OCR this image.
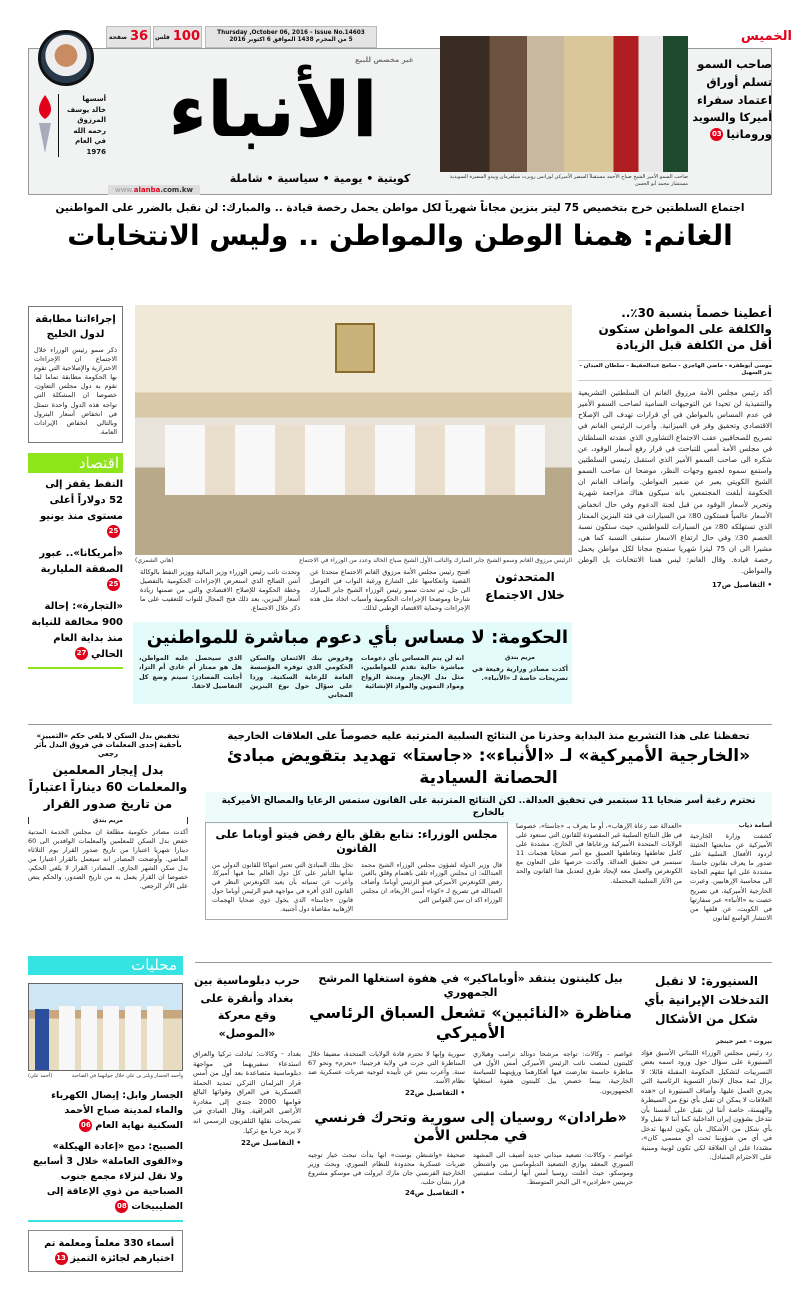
الخميس
Thursday ,October 06, 2016 - Issue No.14603
5 من المحرم 1438 الموافق 6 اكتوبر 2016
100
فلس
36
صفحة
أسسها
خالد يوسف
المرزوق
رحمه الله
في العام
1976
غير مخصص للبيع
الأنباء
كويتية • يومية • سياسية • شاملة
www.alanba.com.kw
صاحب السمو الأمير الشيخ صباح الأحمد مستقبلاً السفير الأميركي لورانس روبرت سيلفرمان وبيدو السفيرة السويدية مستشار محمد أبو الحسن
صاحب السمو
تسلم أوراق
اعتماد سفراء
أميركا والسويد
ورومانيا03
اجتماع السلطتين خرج بتخصيص 75 ليتر بنزين مجاناً شهرياً لكل مواطن يحمل رخصة قيادة .. والمبارك: لن نقبل بالضرر على المواطنين
الغانم: همنا الوطن والمواطن .. وليس الانتخابات
أعطينا خصماً بنسبة 30٪.. والكلفة على المواطن ستكون أقل من الكلفة قبل الزيادة
موسى أبوطفرة - ماضي الهاجري - سامح عبدالحفيظ - سلطان العبدان - بدر السهيل
أكد رئيس مجلس الأمة مرزوق الغانم ان السلطتين التشريعية والتنفيذية لن تحيدا عن التوجيهات السامية لصاحب السمو الأمير في عدم المساس بالمواطن في أي قرارات تهدف الى الإصلاح الاقتصادي وتحقيق وفر في الميزانية. وأعرب الرئيس الغانم في تصريح للصحافيين عقب الاجتماع التشاوري الذي عقدته السلطتان في مجلس الأمة أمس للتباحث في قرار رفع أسعار الوقود، عن شكره الى صاحب السمو الأمير الذي استقبل رئيسي السلطتين واستمع سموه لجميع وجهات النظر، موضحا ان صاحب السمو الشيخ الكويتي يعبر عن ضمير المواطن. وأضاف الغانم ان الحكومة أبلغت المجتمعين بانه سيكون هناك مراجعة شهرية وتحرير لأسعار الوقود من قبل لجنة الدعوم وفي حال انخفاض الأسعار عالمياً فستكون 80٪ من السيارات في فئة البنزين الممتاز الذي تستهلكه 80٪ من السيارات للمواطنين، حيث ستكون نسبة الخصم 30٪ وفي حال ارتفاع الاسعار ستبقى النسبة كما هي، مشيرا الى ان 75 ليترا شهريا ستمنح مجانا لكل مواطن يحمل رخصة قيادة. وقال الغانم: ليس همنا الانتخابات بل الوطن والمواطن.
• التفاصيل ص17
الرئيس مرزوق الغانم وسمو الشيخ جابر المبارك والنائب الأول الشيخ صباح الخالد وعدد من الوزراء في الاجتماع
(هاني الشمري)
وتحدث نائب رئيس الوزراء وزير المالية ووزير النفط بالوكالة أنس الصالح الذي استعرض الإجراءات الحكومية بالتفصيل وخطة الحكومة للإصلاح الاقتصادي والتي من ضمنها زيادة أسعار البنزين، بعد ذلك فتح المجال للنواب للتعقيب على ما ذكر خلال الاجتماع.
افتتح رئيس مجلس الأمة مرزوق الغانم الاجتماع متحدثا عن القضية وانعكاسها على الشارع ورغبة النواب في التوصل الى حل، ثم تحدث سمو رئيس الوزراء الشيخ جابر المبارك شارحا وموضحا الإجراءات الحكومية وأسباب اتخاذ مثل هذه الإجراءات وحماية الاقتصاد الوطني لذلك.
المتحدثون خلال الاجتماع
إجراءاتنا مطابقة لدول الخليج
ذكر سمو رئيس الوزراء خلال الاجتماع ان الإجراءات الاحترازية والإصلاحية التي تقوم بها الحكومة مطابقة تماما لما تقوم به دول مجلس التعاون، خصوصا ان المشكلة التي تواجه هذه الدول واحدة تتمثل في انخفاض أسعار البترول وبالتالي انخفاض الإيرادات العامة.
اقتصاد
النفط يقفز إلى 52 دولاراً أعلى مستوى منذ يونيو25
«أمريكانا».. عبور الصفقة المليارية25
«التجارة»: إحالة 900 مخالفة للنيابة منذ بداية العام الحالي27
الحكومة: لا مساس بأي دعوم مباشرة للمواطنين
مريم بندق
أكدت مصادر وزارية رفيعة في تصريحات خاصة لـ «الأنباء».
انه لن يتم المساس بأي دعومات مباشرة حالية تقدم للمواطنين، مثل بدل الإيجار ومنحة الزواج ومواد التموين والمواد الإنشائية
وقروض بنك الائتمان والسكن الحكومي الذي توفره المؤسسة العامة للرعاية السكنية. وردا على سؤال حول نوع البنزين المجاني
الذي سيحصل عليه المواطن، هل هو ممتاز أم عادي أم الترا، أجابت المصادر: سيتم وضع كل التفاصيل لاحقا.
تخفيض بدل السكن لا يلغي حكم «التمييز» بأحقية إحدى المعلمات في فروق البدل بأثر رجعي
بدل إيجار المعلمين والمعلمات 60 ديناراً اعتباراً من تاريخ صدور القرار
مريم بندق
أكدت مصادر حكومية مطلعة ان مجلس الخدمة المدنية خفض بدل السكن للمعلمين والمعلمات الوافدين الى 60 دينارا شهريا اعتبارا من تاريخ صدور القرار يوم الثلاثاء الماضي. وأوضحت المصادر انه سيعمل بالقرار اعتبارا من بدل سكن الشهر الجاري. المصادر: القرار لا يلغي الحكم، خصوصا ان القرار يعمل به من تاريخ الصدور، والحكم ينص على الأثر الرجعي.
تحفظنا على هذا التشريع منذ البداية وحذرنا من النتائج السلبية المترتبة عليه خصوصاً على العلاقات الخارجية
«الخارجية الأميركية» لـ «الأنباء»: «جاستا» تهديد بتقويض مبادئ الحصانة السيادية
نحترم رغبة أسر ضحايا 11 سبتمبر في تحقيق العدالة.. لكن النتائج المترتبة على القانون ستمس الرعايا والمصالح الأميركية بالخارج
أسامة دياب
كشفت وزارة الخارجية الأميركية عن متابعتها الحثيثة لردود الأفعال السلبية على صدور ما يعرف بقانون جاستا، مشددة على انها تتفهم الحاجة الى محاسبة الإرهابيين. وعبرت الخارجية الأميركية، في تصريح خصت به «الأنباء» عبر سفارتها في الكويت، عن قلقها من الانتشار الواسع لقانون
«العدالة ضد رعاة الإرهاب»، أو ما يعرف بـ «جاستا»، خصوصا في ظل النتائج السلبية غير المقصودة للقانون التي ستعود على الولايات المتحدة الأميركية ورعاياها في الخارج، مشددة على كامل تعاطفها وتعاطفها العميق مع أسر ضحايا هجمات 11 سبتمبر في تحقيق العدالة. وأكدت حرصها على التعاون مع الكونغرس والعمل معه لإيجاد طرق لتعديل هذا القانون والحد من الآثار السلبية المحتملة.
مجلس الوزراء: نتابع بقلق بالغ رفض فيتو أوباما على القانون
قال وزير الدولة لشؤون مجلس الوزراء الشيخ محمد العبدالله: ان مجلس الوزراء تلقى باهتمام وقلق بالغين رفض الكونغرس الأميركي فيتو الرئيس أوباما. وأضاف العبدالله في تصريح لـ «كونا» أمس الأربعاء، ان مجلس الوزراء اكد ان سن القوانين التي
تخل بتلك المبادئ التي تعتبر انتهاكا للقانون الدولي من شأنها التأثير على كل دول العالم بما فيها أميركا، وأعرب عن تمنياته بأن يعيد الكونغرس النظر في القانون الذي أقره في مواجهة فيتو الرئيس أوباما حول قانون «جاستا» الذي يخول ذوي ضحايا الهجمات الإرهابية مقاضاة دول أجنبية.
محليات
وأحمد الجسار ويلتر بن علي خلال جولتهما في الضاحية
(أحمد علي)
الجسار وابل: إيصال الكهرباء والماء لمدينة صباح الأحمد السكنية نهاية العام06
الصبيح: دمج «إعادة الهيكلة» و«القوى العاملة» خلال 3 أسابيع ولا نقل لنزلاء مجمع جنوب الصباحية من ذوي الإعاقة إلى الصليبيخات08
أسماء 330 معلماً ومعلمة تم اختيارهم لجائزة التميز13
حرب دبلوماسية بين بغداد وأنقرة على وقع معركة «الموصل»
بغداد - وكالات: تبادلت تركيا والعراق استدعاء سفيريهما في مواجهة دبلوماسية متصاعدة بعد أول من أمس قرار البرلمان التركي تمديد الحملة العسكرية في العراق وقواتها البالغ قوامها 2000 جندي إلى مغادرة الأراضي العراقية. وقال العبادي في تصريحات نقلها التلفزيون الرسمي انه لا يريد حربا مع تركيا.
• التفاصيل ص22
بيل كلينتون ينتقد «أوباماكير» في هفوة استغلها المرشح الجمهوري
مناظرة «النائبين» تشعل السباق الرئاسي الأميركي
عواصم - وكالات: تواجه مرشحا دونالد ترامب وهيلاري كلينتون لمنصب نائب الرئيس الأميركي أمس الأول في مناظرة حاسمة تعارضت فيها أفكارهما ورؤيتهما للسياسة الخارجية، بينما خصص بيل كلينتون هفوة استغلها الجمهوريون.
سورية وإنها لا تحترم قادة الولايات المتحدة، مضيفا خلال المناظرة التي جرت في ولاية فرجينيا: «بحزم» ونحو 67 سنة. وأعرب بنس عن تأييده لتوجيه ضربات عسكرية ضد نظام الأسد.
• التفاصيل ص22
«طرادان» روسيان إلى سورية وتحرك فرنسي في مجلس الأمن
عواصم - وكالات: تصعيد ميداني جديد أضيف الى المشهد السوري المعقد يوازي التصعيد الدبلوماسي بين واشنطن وموسكو، حيث أعلنت روسيا أمس أنها أرسلت سفينتين حربيتين «طرادين» الى البحر المتوسط.
صحيفة «واشنطن بوست» انها بدأت تبحث خيار توجيه ضربات عسكرية محدودة للنظام السوري. وبحث وزير الخارجية الفرنسي جان مارك ايرولت في موسكو مشروع قرار بشأن حلب.
• التفاصيل ص24
السنيورة: لا نقبل التدخلات الإيرانية بأي شكل من الأشكال
بيروت - عمر حبنجر
رد رئيس مجلس الوزراء اللبناني الأسبق فؤاد السنيورة على سؤال حول ورود اسمه بعض التسريبات لتشكيل الحكومة المقبلة قائلا: لا يزال ثمة مجال لإنجاز التسوية الرئاسية التي يجري العمل عليها. وأضاف السنيورة ان «هذه العلاقات لا يمكن ان تقبل بأي نوع من السيطرة والهيمنة، خاصة أننا لن نقبل على أنفسنا بأن نتدخل بشؤون إيران الداخلية كما أننا لا نقبل ولا بأي شكل من الأشكال بأن يكون لديها تدخل في أي من شؤوننا تحت أي مسمى كان»، مشددا على ان العلاقة لكي تكون لوبية ومبنية على الاحترام المتبادل.
